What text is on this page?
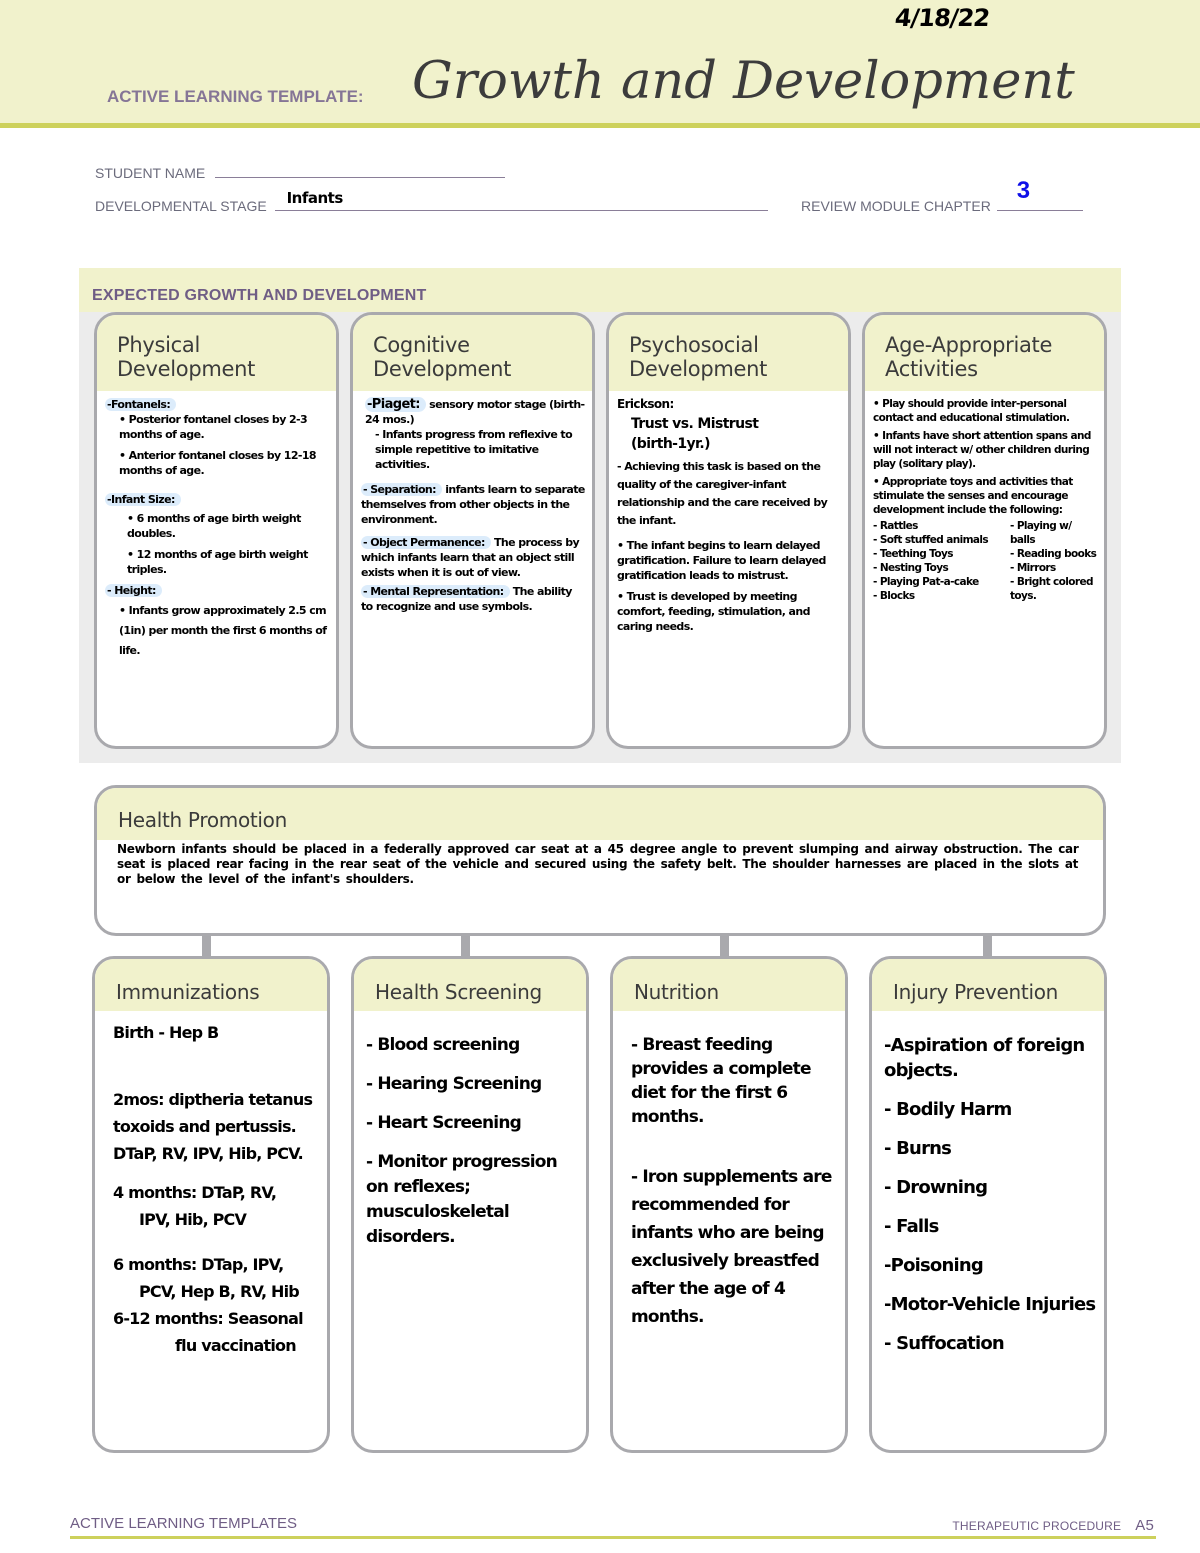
4/18/22
ACTIVE LEARNING TEMPLATE: Growth and Development
STUDENT NAME
DEVELOPMENTAL STAGE Infants	REVIEW MODULE CHAPTER
3
EXPECTED GROWTH AND DEVELOPMENT
Physical
Development

-Fontanels:

• Posterior fontanel closes by 2-3 months of age.

• Anterior fontanel closes by 12-18 months of age.

-Infant Size:

• 6 months of age birth weight doubles.

• 12 months of age birth weight triples.

- Height:

• Infants grow approximately 2.5 cm (1in) per month the first 6 months of life.

Cognitive
Development

-Piaget: sensory motor stage (birth-24 mos.)

- Infants progress from reflexive to simple repetitive to imitative activities.

- Separation: infants learn to separate themselves from other objects in the environment.

- Object Permanence: The process by which infants learn that an object still exists when it is out of view.

- Mental Representation: The ability to recognize and use symbols.

Psychosocial
Development

Erickson:

Trust vs. Mistrust (birth-1yr.)

- Achieving this task is based on the quality of the caregiver-infant relationship and the care received by the infant.

• The infant begins to learn delayed gratification. Failure to learn delayed gratification leads to mistrust.

• Trust is developed by meeting comfort, feeding, stimulation, and caring needs.

Age-Appropriate
Activities

• Play should provide inter-personal contact and educational stimulation.

• Infants have short attention spans and will not interact w/ other children during play (solitary play).

• Appropriate toys and activities that stimulate the senses and encourage development include the following:

- Rattles
- Soft stuffed animals
- Teething Toys
- Nesting Toys
- Playing Pat-a-cake
- Blocks
- Playing w/ balls
- Reading books
- Mirrors
- Bright colored toys.
Health Promotion
Newborn infants should be placed in a federally approved car seat at a 45 degree angle to prevent slumping and airway obstruction. The car seat is placed rear facing in the rear seat of the vehicle and secured using the safety belt. The shoulder harnesses are placed in the slots at or below the level of the infant's shoulders.
Immunizations

Birth - Hep B

2mos: diptheria tetanus toxoids and pertussis. DTaP, RV, IPV, Hib, PCV.

4 months: DTaP, RV,

IPV, Hib, PCV

6 months: DTap, IPV,

PCV, Hep B, RV, Hib

6-12 months: Seasonal

flu vaccination

Health Screening

- Blood screening

- Hearing Screening

- Heart Screening

- Monitor progression on reflexes; musculoskeletal disorders.

Nutrition

- Breast feeding provides a complete diet for the first 6 months.

- Iron supplements are recommended for infants who are being exclusively breastfed after the age of 4 months.

Injury Prevention

-Aspiration of foreign objects.

- Bodily Harm

- Burns

- Drowning

- Falls

-Poisoning

-Motor-Vehicle Injuries

- Suffocation

ACTIVE LEARNING TEMPLATES	THERAPEUTIC PROCEDURE A5
